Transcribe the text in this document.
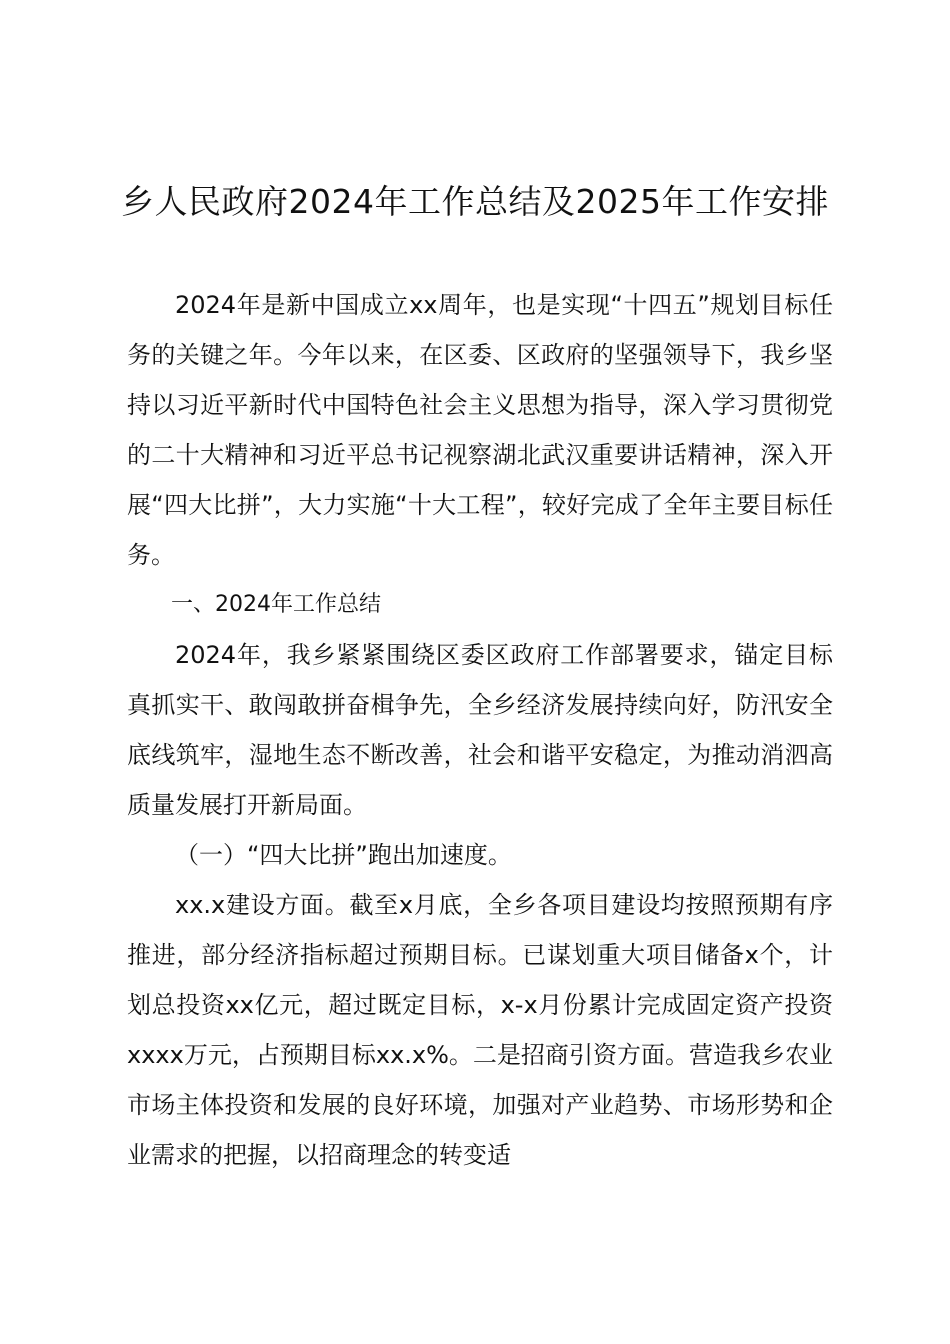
乡人民政府2024年工作总结及2025年工作安排

2024年是新中国成立xx周年，也是实现“十四五”规划目标任务的关键之年。今年以来，在区委、区政府的坚强领导下，我乡坚持以习近平新时代中国特色社会主义思想为指导，深入学习贯彻党的二十大精神和习近平总书记视察湖北武汉重要讲话精神，深入开展“四大比拼”，大力实施“十大工程”，较好完成了全年主要目标任务。

一、2024年工作总结

2024年，我乡紧紧围绕区委区政府工作部署要求，锚定目标真抓实干、敢闯敢拼奋楫争先，全乡经济发展持续向好，防汛安全底线筑牢，湿地生态不断改善，社会和谐平安稳定，为推动消泗高质量发展打开新局面。

（一）“四大比拼”跑出加速度。

xx.x建设方面。截至x月底，全乡各项目建设均按照预期有序推进，部分经济指标超过预期目标。已谋划重大项目储备x个，计划总投资xx亿元，超过既定目标，x-x月份累计完成固定资产投资xxxx万元，占预期目标xx.x%。二是招商引资方面。营造我乡农业市场主体投资和发展的良好环境，加强对产业趋势、市场形势和企业需求的把握，以招商理念的转变适
